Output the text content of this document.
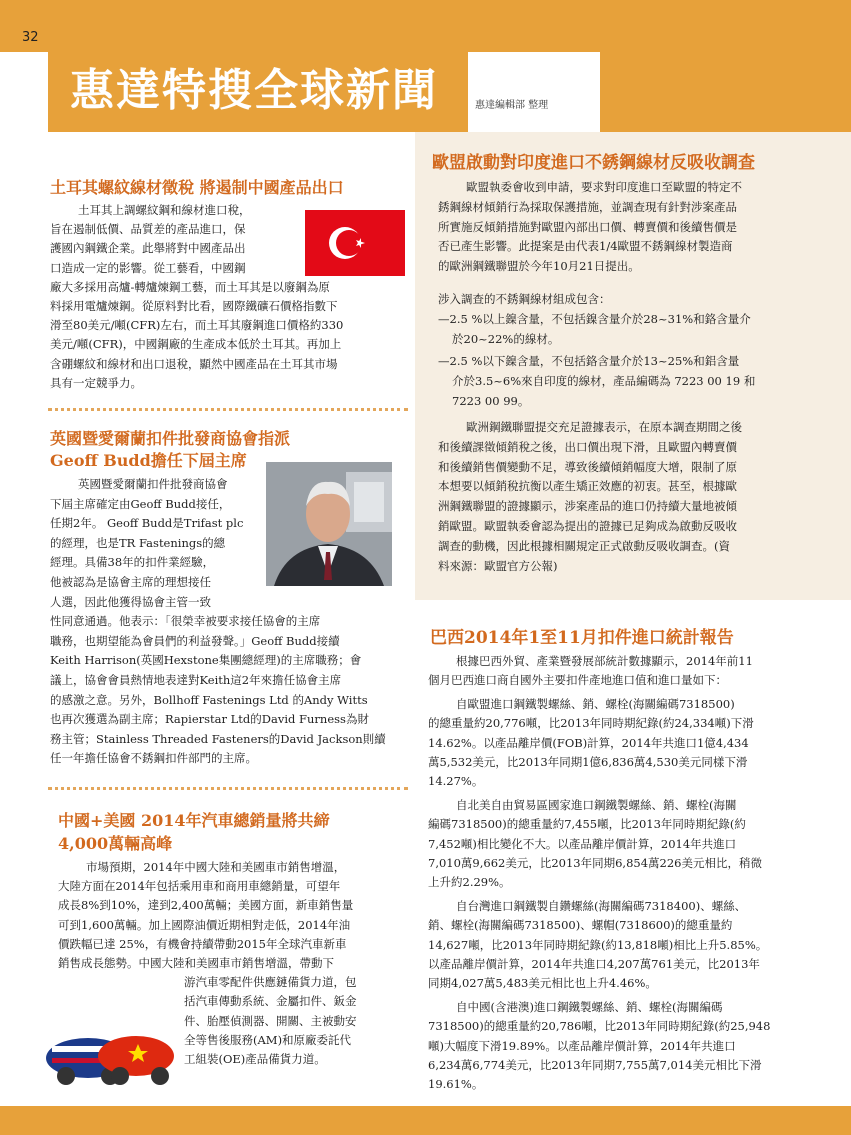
32
惠達特搜全球新聞	惠達編輯部 整理
土耳其螺紋線材徵稅 將遏制中國產品出口
土耳其上調螺紋鋼和線材進口稅，
旨在遏制低價、品質差的產品進口，保
護國內鋼鐵企業。此舉將對中國產品出
口造成一定的影響。從工藝看，中國鋼
廠大多採用高爐-轉爐煉鋼工藝，而土耳其是以廢鋼為原
料採用電爐煉鋼。從原料對比看，國際鐵礦石價格指數下
滑至80美元/噸(CFR)左右，而土耳其廢鋼進口價格約330
美元/噸(CFR)，中國鋼廠的生產成本低於土耳其。再加上
含硼螺紋和線材和出口退稅，顯然中國產品在土耳其市場
具有一定競爭力。
英國暨愛爾蘭扣件批發商協會指派
Geoff Budd擔任下屆主席
英國暨愛爾蘭扣件批發商協會
下屆主席確定由Geoff Budd接任，
任期2年。 Geoff Budd是Trifast plc
的經理，也是TR Fastenings的總
經理。具備38年的扣件業經驗，
他被認為是協會主席的理想接任
人選，因此他獲得協會主管一致
性同意通過。他表示：「很榮幸被要求接任協會的主席
職務，也期望能為會員們的利益發聲。」Geoff Budd接續
Keith Harrison(英國Hexstone集團總經理)的主席職務；會
議上，協會會員熱情地表達對Keith這2年來擔任協會主席
的感激之意。另外，Bollhoff Fastenings Ltd 的Andy Witts
也再次獲選為副主席；Rapierstar Ltd的David Furness為財
務主管；Stainless Threaded Fasteners的David Jackson則續
任一年擔任協會不銹鋼扣件部門的主席。
中國+美國 2014年汽車總銷量將共締
4,000萬輛高峰
市場預期，2014年中國大陸和美國車市銷售增溫，
大陸方面在2014年包括乘用車和商用車總銷量，可望年
成長8%到10%，達到2,400萬輛；美國方面，新車銷售量
可到1,600萬輛。加上國際油價近期相對走低，2014年油
價跌幅已達 25%，有機會持續帶動2015年全球汽車新車
銷售成長態勢。中國大陸和美國車市銷售增溫，帶動下
游汽車零配件供應鏈備貨力道，包
括汽車傳動系統、金屬扣件、鈑金
件、胎壓偵測器、開關、主被動安
全等售後服務(AM)和原廠委託代
工組裝(OE)產品備貨力道。
歐盟啟動對印度進口不銹鋼線材反吸收調查
歐盟執委會收到申請，要求對印度進口至歐盟的特定不
銹鋼線材傾銷行為採取保護措施，並調查現有針對涉案產品
所實施反傾銷措施對歐盟內部出口價、轉賣價和後續售價是
否已產生影響。此提案是由代表1/4歐盟不銹鋼線材製造商
的歐洲鋼鐵聯盟於今年10月21日提出。
涉入調查的不銹鋼線材組成包含：
—2.5 %以上鎳含量，不包括鎳含量介於28~31%和鉻含量介
於20~22%的線材。
—2.5 %以下鎳含量，不包括鉻含量介於13~25%和鋁含量
介於3.5~6%來自印度的線材，產品編碼為 7223 00 19 和
7223 00 99。
歐洲鋼鐵聯盟提交充足證據表示，在原本調查期間之後
和後續課徵傾銷稅之後，出口價出現下滑，且歐盟內轉賣價
和後續銷售價變動不足，導致後續傾銷幅度大增，限制了原
本想要以傾銷稅抗衡以產生矯正效應的初衷。甚至，根據歐
洲鋼鐵聯盟的證據顯示，涉案產品的進口仍持續大量地被傾
銷歐盟。歐盟執委會認為提出的證據已足夠成為啟動反吸收
調查的動機，因此根據相關規定正式啟動反吸收調查。(資
料來源：歐盟官方公報)
巴西2014年1至11月扣件進口統計報告
根據巴西外貿、產業暨發展部統計數據顯示，2014年前11
個月巴西進口商自國外主要扣件產地進口值和進口量如下：
自歐盟進口鋼鐵製螺絲、銷、螺栓(海關編碼7318500)
的總重量約20,776噸，比2013年同時期紀錄(約24,334噸)下滑
14.62%。以產品離岸價(FOB)計算，2014年共進口1億4,434
萬5,532美元，比2013年同期1億6,836萬4,530美元同樣下滑
14.27%。
自北美自由貿易區國家進口鋼鐵製螺絲、銷、螺栓(海關
編碼7318500)的總重量約7,455噸，比2013年同時期紀錄(約
7,452噸)相比變化不大。以產品離岸價計算，2014年共進口
7,010萬9,662美元，比2013年同期6,854萬226美元相比，稍微
上升約2.29%。
自台灣進口鋼鐵製自鑽螺絲(海關編碼7318400)、螺絲、
銷、螺栓(海關編碼7318500)、螺帽(7318600)的總重量約
14,627噸，比2013年同時期紀錄(約13,818噸)相比上升5.85%。
以產品離岸價計算，2014年共進口4,207萬761美元，比2013年
同期4,027萬5,483美元相比也上升4.46%。
自中國(含港澳)進口鋼鐵製螺絲、銷、螺栓(海關編碼
7318500)的總重量約20,786噸，比2013年同時期紀錄(約25,948
噸)大幅度下滑19.89%。以產品離岸價計算，2014年共進口
6,234萬6,774美元，比2013年同期7,755萬7,014美元相比下滑
19.61%。
